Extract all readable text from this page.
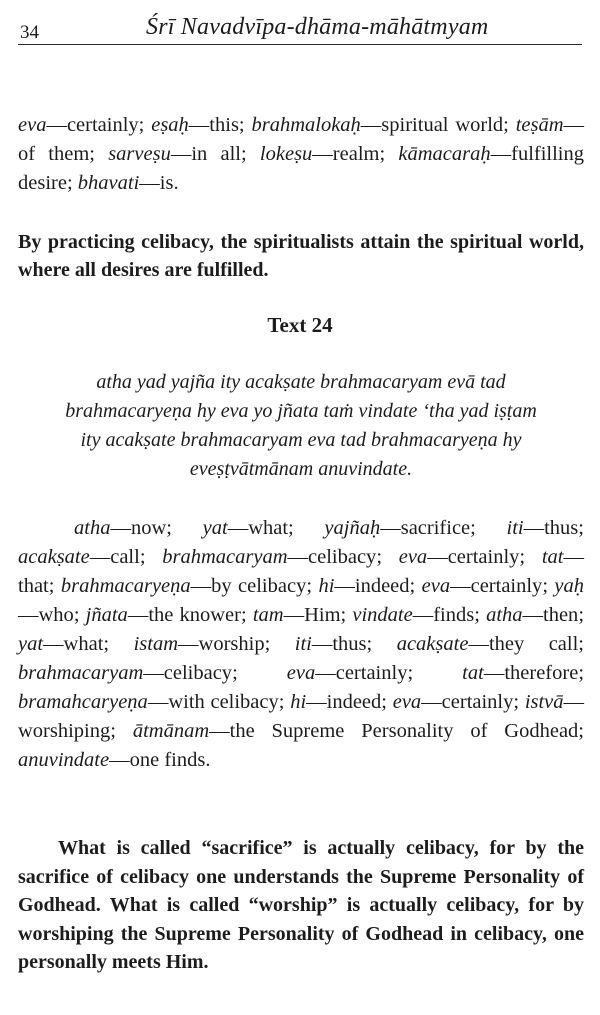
34	Śrī Navadvīpa-dhāma-māhātmyam
eva—certainly; eṣaḥ—this; brahmalokaḥ—spiritual world; teṣām—of them; sarveṣu—in all; lokeṣu—realm; kāmacaraḥ—fulfilling desire; bhavati—is.
By practicing celibacy, the spiritualists attain the spiritual world, where all desires are fulfilled.
Text 24
atha yad yajña ity acakṣate brahmacaryam evā tad
brahmacaryeṇa hy eva yo jñata taṁ vindate ‘tha yad iṣṭam
ity acakṣate brahmacaryam eva tad brahmacaryeṇa hy
eveṣṭvātmānam anuvindate.
atha—now; yat—what; yajñaḥ—sacrifice; iti—thus; acakṣate—call; brahmacaryam—celibacy; eva—certainly; tat—that; brahmacaryeṇa—by celibacy; hi—indeed; eva—certainly; yaḥ—who; jñata—the knower; tam—Him; vindate—finds; atha—then; yat—what; istam—worship; iti—thus; acakṣate—they call; brahmacaryam—celibacy; eva—certainly; tat—therefore; bramahcaryeṇa—with celibacy; hi—indeed; eva—certainly; istvā—worshiping; ātmānam—the Supreme Personality of Godhead; anuvindate—one finds.
What is called “sacrifice” is actually celibacy, for by the sacrifice of celibacy one understands the Supreme Personality of Godhead. What is called “worship” is actually celibacy, for by worshiping the Supreme Personality of Godhead in celibacy, one personally meets Him.
